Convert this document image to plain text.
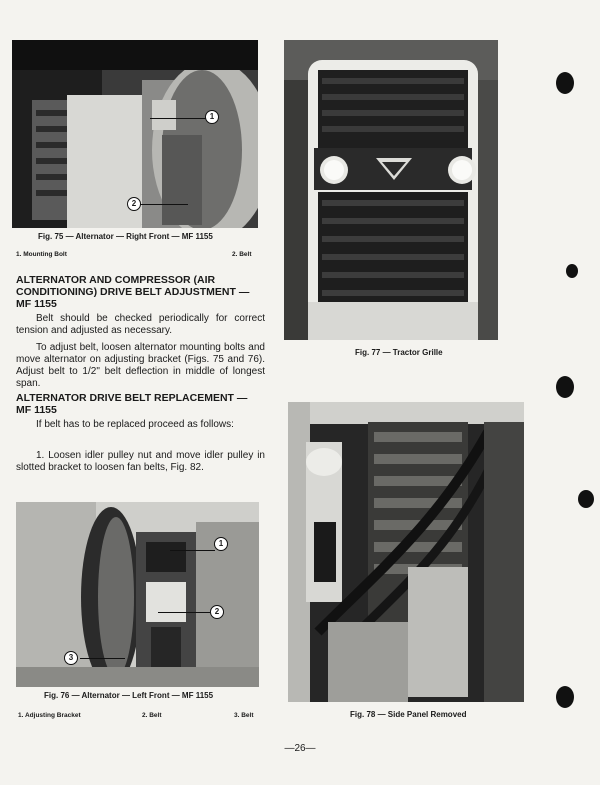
1
2
Fig. 75 — Alternator — Right Front — MF 1155
1. Mounting Bolt	2. Belt
ALTERNATOR AND COMPRESSOR (AIR CONDITIONING) DRIVE BELT ADJUSTMENT — MF 1155
Belt should be checked periodically for correct tension and adjusted as necessary.
To adjust belt, loosen alternator mounting bolts and move alternator on adjusting bracket (Figs. 75 and 76). Adjust belt to 1/2" belt deflection in middle of longest span.
ALTERNATOR DRIVE BELT REPLACEMENT — MF 1155
If belt has to be replaced proceed as follows:
1. Loosen idler pulley nut and move idler pulley in slotted bracket to loosen fan belts, Fig. 82.
1
2
3
Fig. 76 — Alternator — Left Front — MF 1155
1. Adjusting Bracket	2. Belt	3. Belt
Fig. 77 — Tractor Grille
Fig. 78 — Side Panel Removed
—26—
